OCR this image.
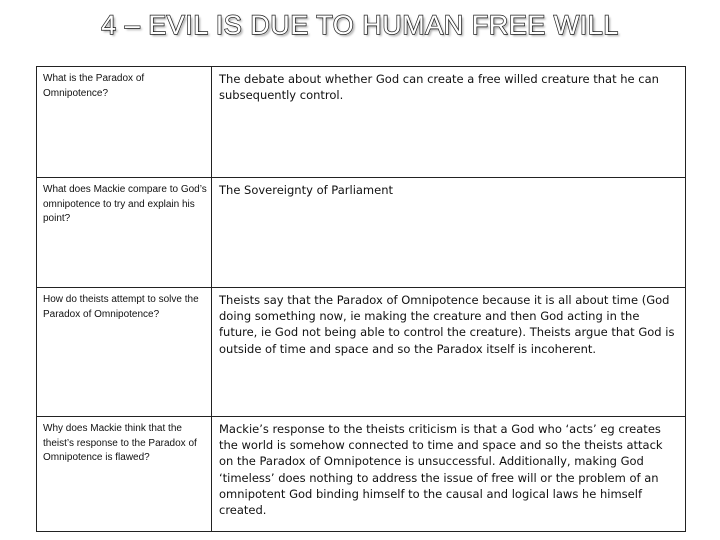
4 – EVIL IS DUE TO HUMAN FREE WILL
What is the Paradox of Omnipotence?	The debate about whether God can create a free willed creature that he can subsequently control.
What does Mackie compare to God’s omnipotence to try and explain his point?	The Sovereignty of Parliament
How do theists attempt to solve the Paradox of Omnipotence?	Theists say that the Paradox of Omnipotence because it is all about time (God doing something now, ie making the creature and then God acting in the future, ie God not being able to control the creature). Theists argue that God is outside of time and space and so the Paradox itself is incoherent.
Why does Mackie think that the theist’s response to the Paradox of Omnipotence is flawed?	Mackie’s response to the theists criticism is that a God who ‘acts’ eg creates the world is somehow connected to time and space and so the theists attack on the Paradox of Omnipotence is unsuccessful. Additionally, making God ‘timeless’ does nothing to address the issue of free will or the problem of an omnipotent God binding himself to the causal and logical laws he himself created.
